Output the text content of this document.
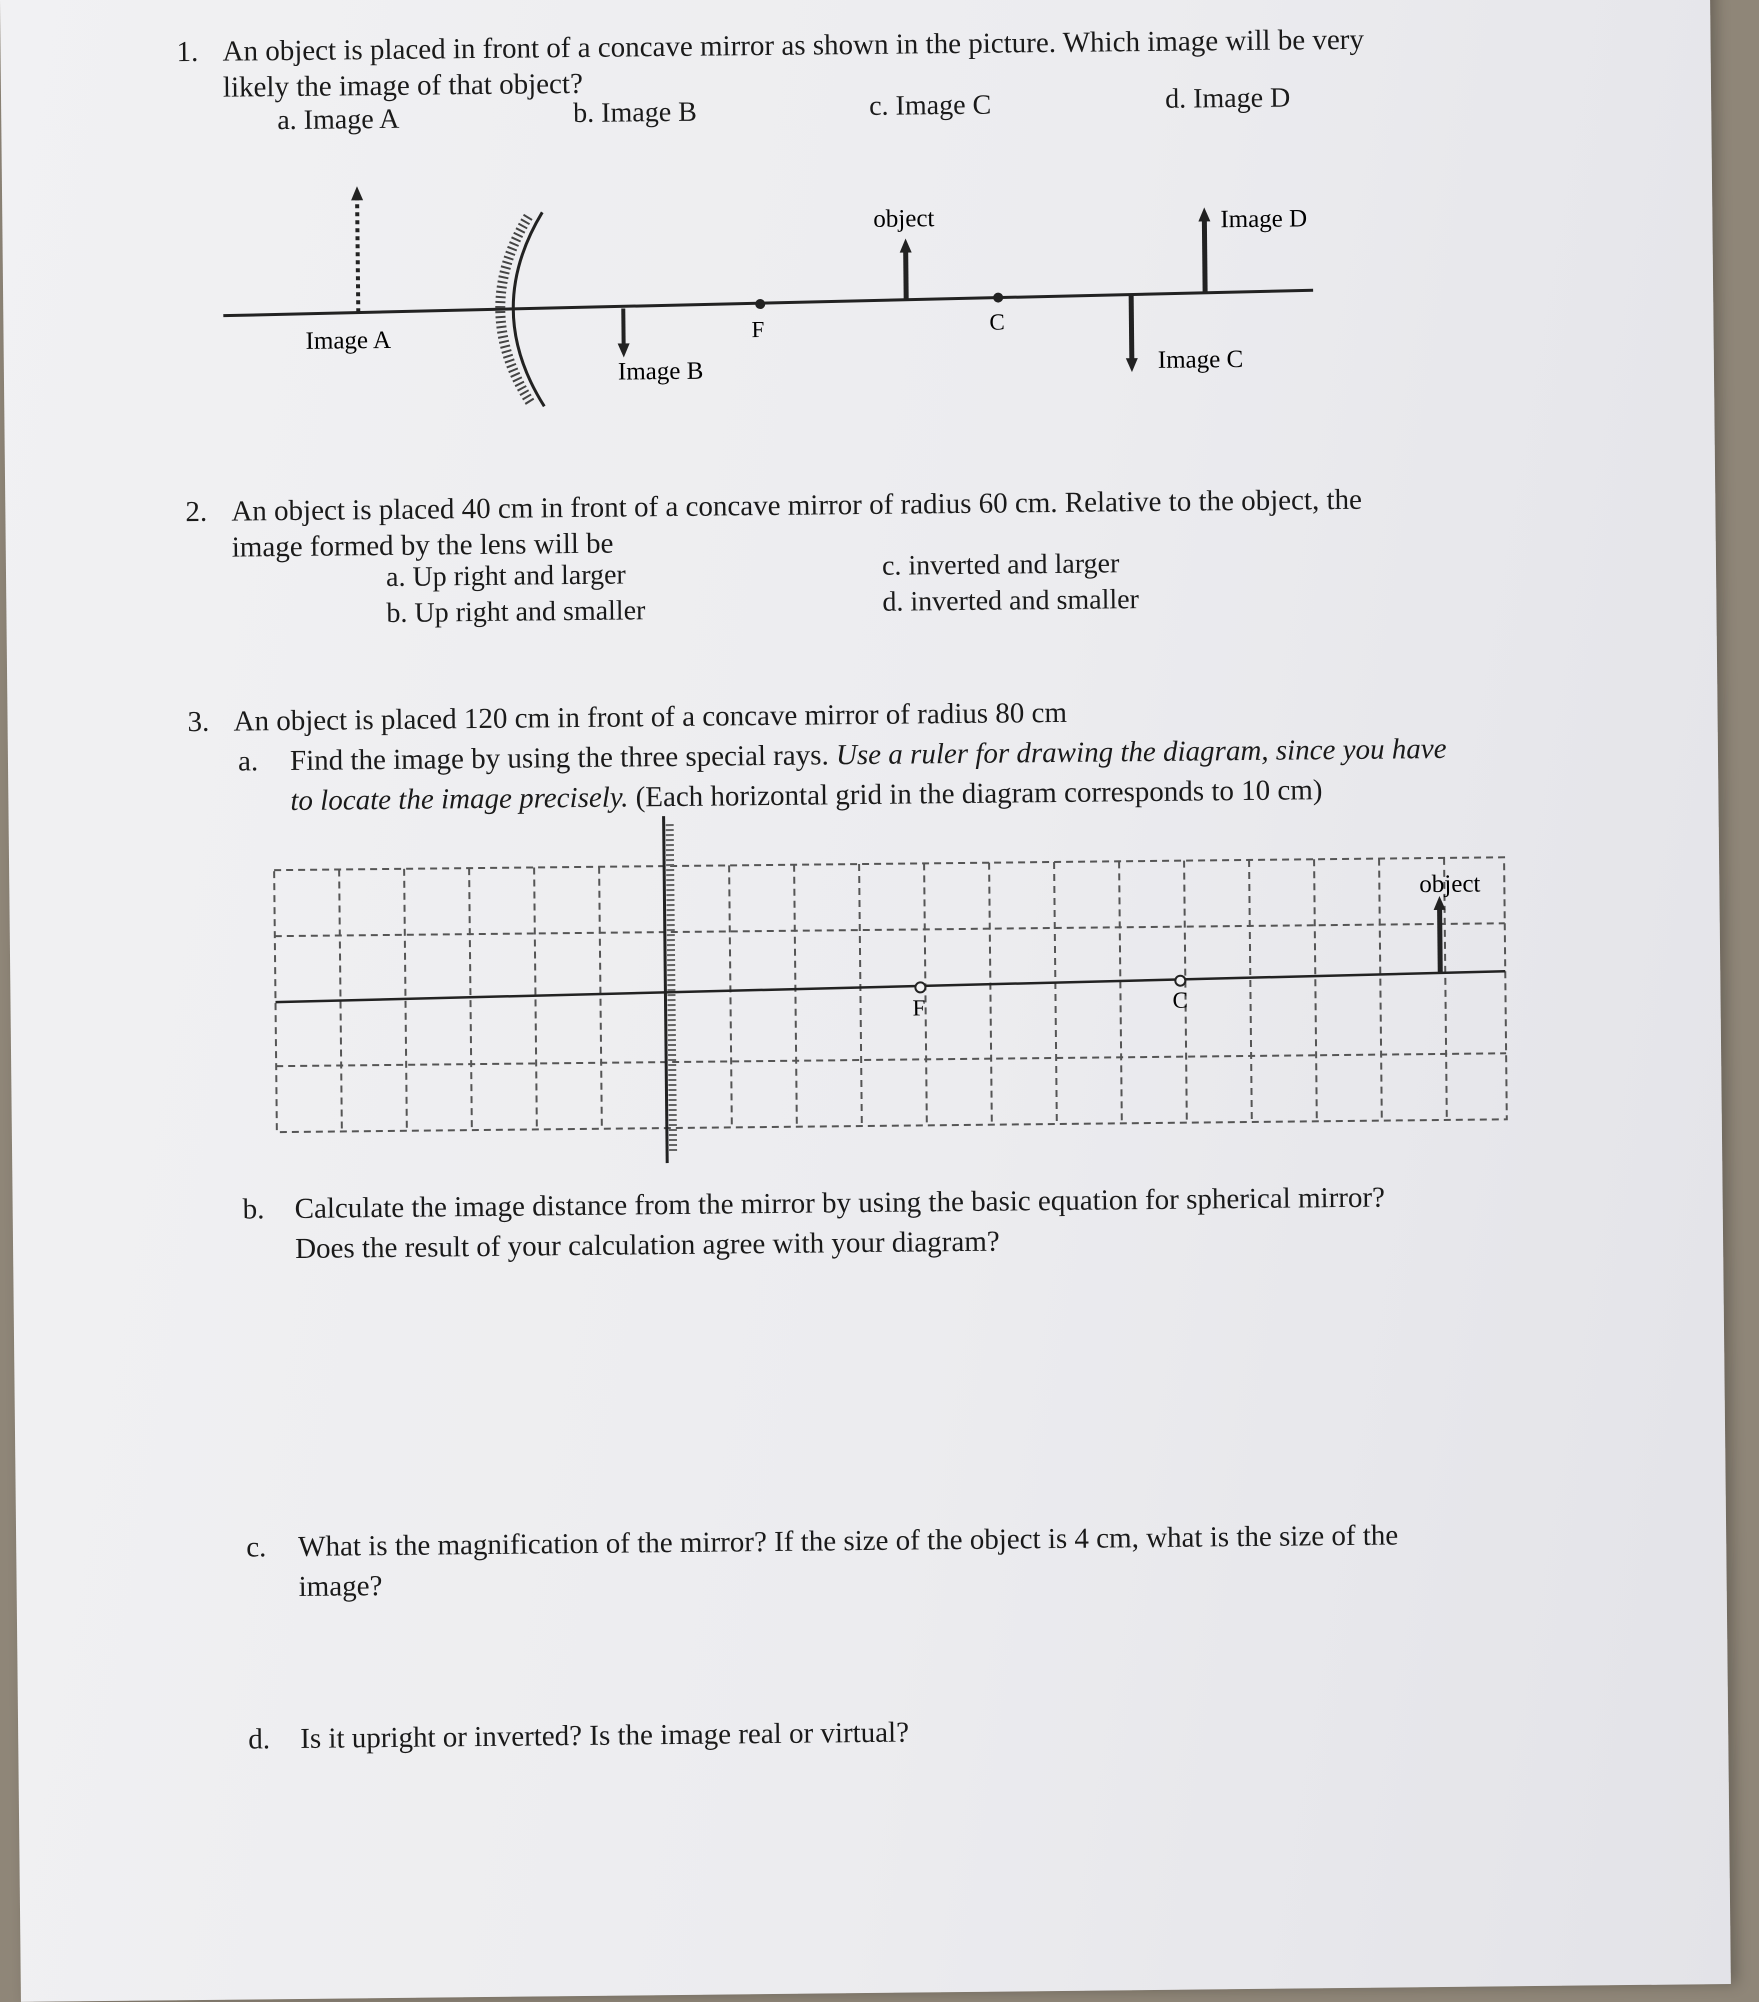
1. An object is placed in front of a concave mirror as shown in the picture. Which image will be very
likely the image of that object?
a. Image A	b. Image B	c. Image C	d. Image D
Image A
Image B
F
object
C
Image C
Image D
2. An object is placed 40 cm in front of a concave mirror of radius 60 cm. Relative to the object, the
image formed by the lens will be
a. Up right and larger
b. Up right and smaller
c. inverted and larger
d. inverted and smaller
3. An object is placed 120 cm in front of a concave mirror of radius 80 cm
a. Find the image by using the three special rays. Use a ruler for drawing the diagram, since you have
to locate the image precisely. (Each horizontal grid in the diagram corresponds to 10 cm)
F	C
object
b. Calculate the image distance from the mirror by using the basic equation for spherical mirror?
Does the result of your calculation agree with your diagram?
c. What is the magnification of the mirror? If the size of the object is 4 cm, what is the size of the
image?
d. Is it upright or inverted? Is the image real or virtual?
